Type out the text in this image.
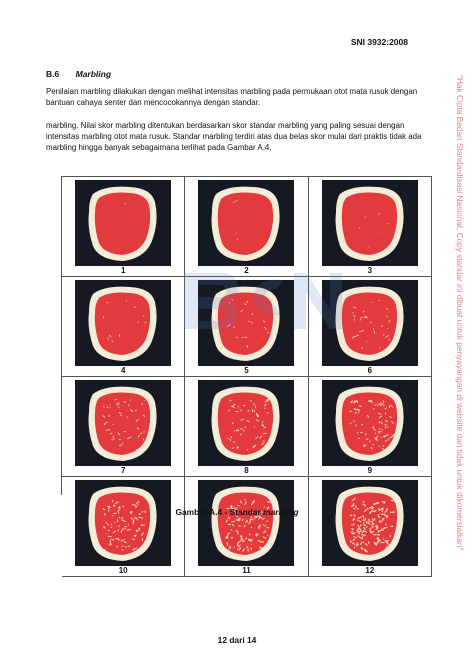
SNI 3932:2008
B.6 Marbling

Penilaian marbling dilakukan dengan melihat intensitas marbling pada permukaan otot mata rusuk dengan bantuan cahaya senter dan mencocokannya dengan standar.

marbling. Nilai skor marbling ditentukan berdasarkan skor standar marbling yang paling sesuai dengan intensitas marbling otot mata rusuk. Standar marbling terdiri atas dua belas skor mulai dari praktis tidak ada marbling hingga banyak sebagaimana terlihat pada Gambar A.4.	"Hak Cipta Badan Standardisasi Nasional, Copy standar ini dibuat untuk penyayangan di website dan tidak untuk dikomersialkan"
1	2	3
4	5	6
7	8	9
10	11	12
Gambar A.4 - Standar marbling
12 dari 14
